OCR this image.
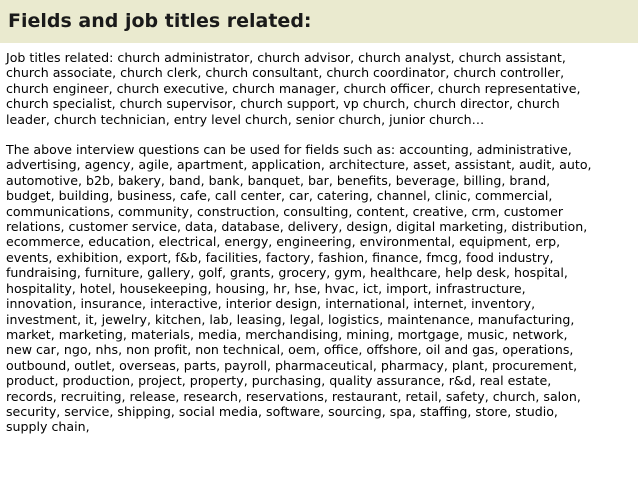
Fields and job titles related:

Job titles related: church administrator, church advisor, church analyst, church assistant,
church associate, church clerk, church consultant, church coordinator, church controller,
church engineer, church executive, church manager, church officer, church representative,
church specialist, church supervisor, church support, vp church, church director, church
leader, church technician, entry level church, senior church, junior church…

The above interview questions can be used for fields such as: accounting, administrative,
advertising, agency, agile, apartment, application, architecture, asset, assistant, audit, auto,
automotive, b2b, bakery, band, bank, banquet, bar, benefits, beverage, billing, brand,
budget, building, business, cafe, call center, car, catering, channel, clinic, commercial,
communications, community, construction, consulting, content, creative, crm, customer
relations, customer service, data, database, delivery, design, digital marketing, distribution,
ecommerce, education, electrical, energy, engineering, environmental, equipment, erp,
events, exhibition, export, f&b, facilities, factory, fashion, finance, fmcg, food industry,
fundraising, furniture, gallery, golf, grants, grocery, gym, healthcare, help desk, hospital,
hospitality, hotel, housekeeping, housing, hr, hse, hvac, ict, import, infrastructure,
innovation, insurance, interactive, interior design, international, internet, inventory,
investment, it, jewelry, kitchen, lab, leasing, legal, logistics, maintenance, manufacturing,
market, marketing, materials, media, merchandising, mining, mortgage, music, network,
new car, ngo, nhs, non profit, non technical, oem, office, offshore, oil and gas, operations,
outbound, outlet, overseas, parts, payroll, pharmaceutical, pharmacy, plant, procurement,
product, production, project, property, purchasing, quality assurance, r&d, real estate,
records, recruiting, release, research, reservations, restaurant, retail, safety, church, salon,
security, service, shipping, social media, software, sourcing, spa, staffing, store, studio,
supply chain,
